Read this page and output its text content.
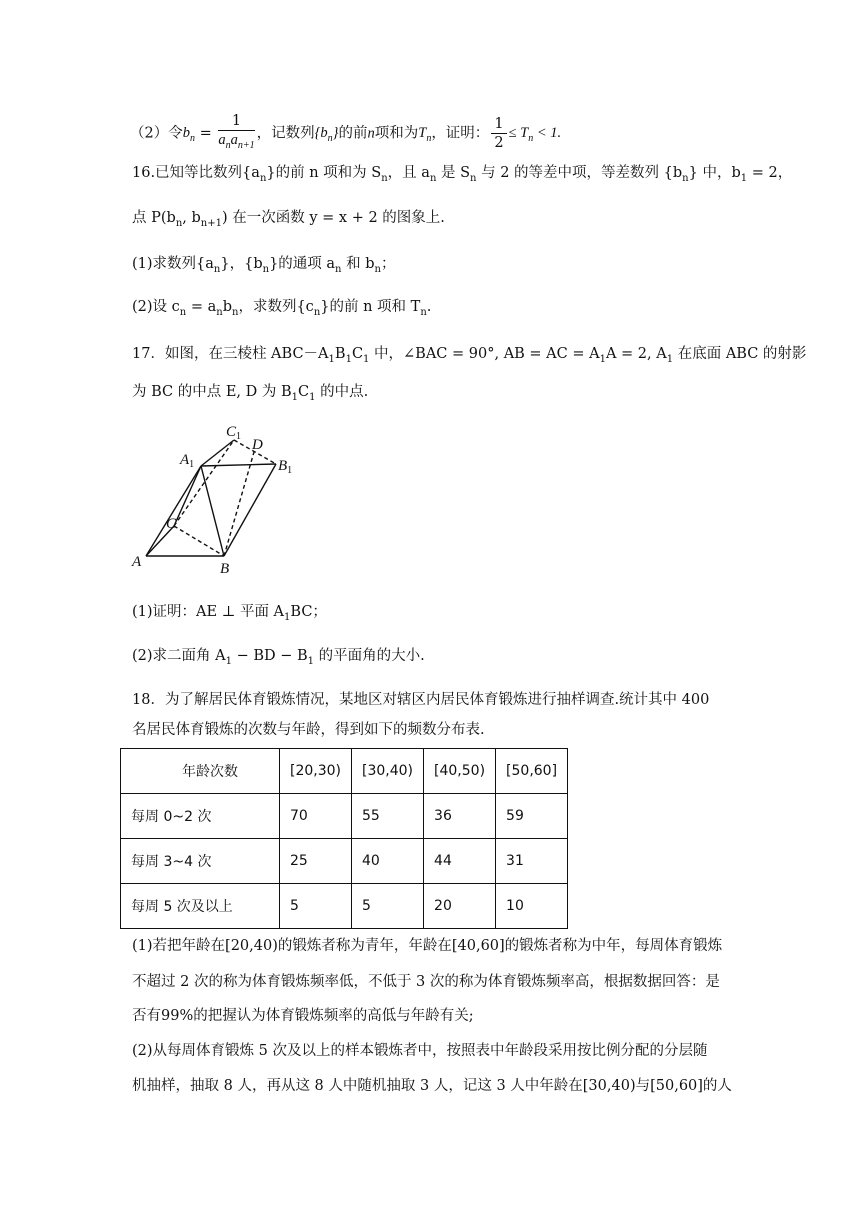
（2）令$b_n = \frac{1}{a_na_{n+1}}$ ，记数列$\{b_n\}$的前n项和为$T_n$，证明： $\frac{1}{2} \le T_n < 1$.
16.已知等比数列$\{a_n\}$的前 n 项和为 $S_n$，且 $a_n$ 是 $S_n$ 与 2 的等差中项，等差数列 $\{b_n\}$ 中，$b_1 = 2$，
点 $P(b_n$, $b_{n+1}$) 在一次函数 y = x + 2 的图象上.
(1)求数列$\{a_n\}$，$\{b_n\}$的通项 $a_n$ 和 $b_n$；
(2)设 $c_n = a_nb_n$，求数列$\{c_n\}$的前 n 项和 $T_n$.
17．如图，在三棱柱 $ABC-A_1B_1C_1$ 中，∠BAC = 90°, AB = AC = $A_1A = 2$, $A_1$ 在底面 ABC 的射影
为 BC 的中点 E, D 为 $B_1C_1$ 的中点.
$C_1$
D
$A_1$	$B_1$
C
A	B
(1)证明：AE ⊥ 平面 $A_1BC$；
(2)求二面角 $A_1$ − BD − $B_1$ 的平面角的大小.
18．为了解居民体育锻炼情况，某地区对辖区内居民体育锻炼进行抽样调查.统计其中 400
名居民体育锻炼的次数与年龄，得到如下的频数分布表.
年龄次数	[20,30)	[30,40)	[40,50)	[50,60]
每周 0~2 次	70	55	36	59
每周 3~4 次	25	40	44	31
每周 5 次及以上	5	5	20	10
(1)若把年龄在[20,40)的锻炼者称为青年，年龄在[40,60]的锻炼者称为中年，每周体育锻炼
不超过 2 次的称为体育锻炼频率低，不低于 3 次的称为体育锻炼频率高，根据数据回答：是
否有99%的把握认为体育锻炼频率的高低与年龄有关;
(2)从每周体育锻炼 5 次及以上的样本锻炼者中，按照表中年龄段采用按比例分配的分层随
机抽样，抽取 8 人，再从这 8 人中随机抽取 3 人，记这 3 人中年龄在[30,40)与[50,60]的人
